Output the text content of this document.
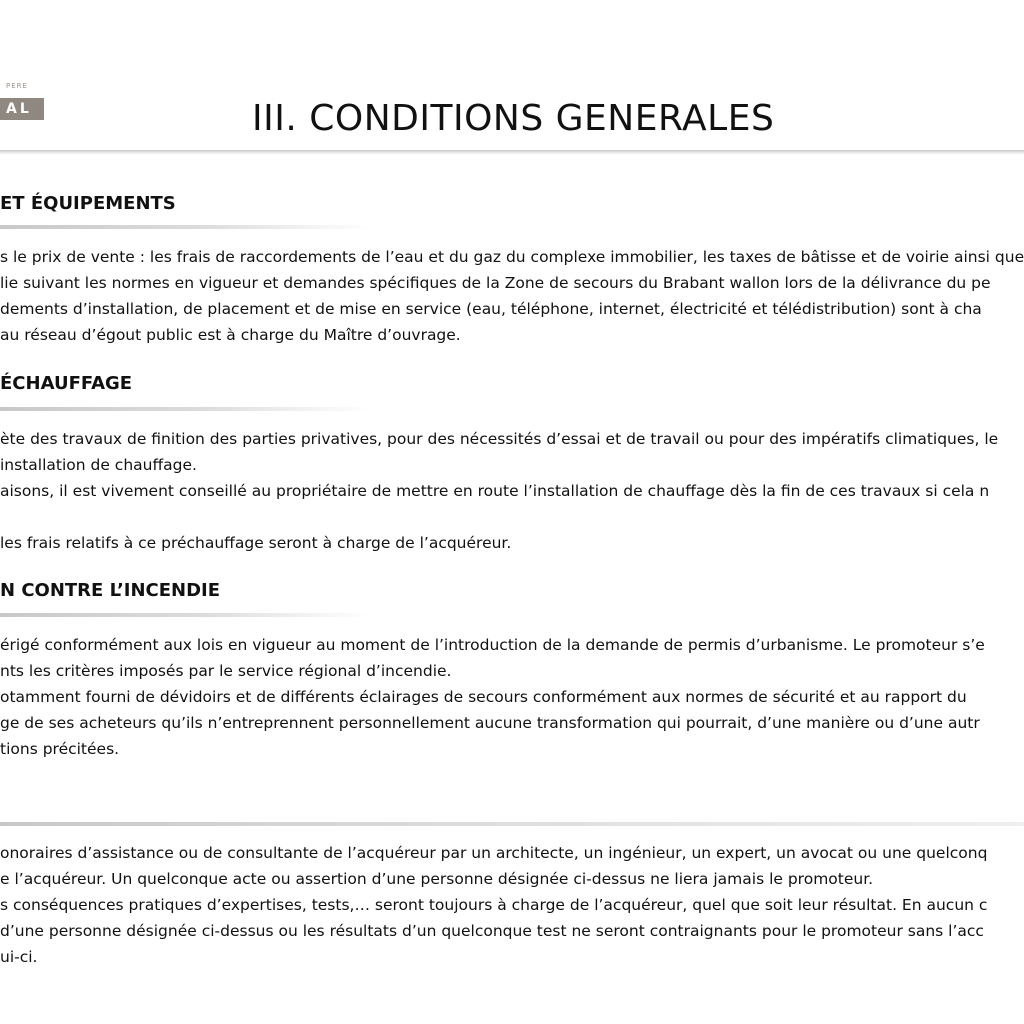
PERE
AL	III. CONDITIONS GENERALES
ET ÉQUIPEMENTS

s le prix de vente : les frais de raccordements de l’eau et du gaz du complexe immobilier, les taxes de bâtisse et de voirie ainsi que

lie suivant les normes en vigueur et demandes spécifiques de la Zone de secours du Brabant wallon lors de la délivrance du pe

dements d’installation, de placement et de mise en service (eau, téléphone, internet, électricité et télédistribution) sont à cha

au réseau d’égout public est à charge du Maître d’ouvrage.

ÉCHAUFFAGE

ète des travaux de finition des parties privatives, pour des nécessités d’essai et de travail ou pour des impératifs climatiques, le

installation de chauffage.

aisons, il est vivement conseillé au propriétaire de mettre en route l’installation de chauffage dès la fin de ces travaux si cela n

les frais relatifs à ce préchauffage seront à charge de l’acquéreur.

N CONTRE L’INCENDIE

érigé conformément aux lois en vigueur au moment de l’introduction de la demande de permis d’urbanisme. Le promoteur s’e

nts les critères imposés par le service régional d’incendie.

otamment fourni de dévidoirs et de différents éclairages de secours conformément aux normes de sécurité et au rapport du

ge de ses acheteurs qu’ils n’entreprennent personnellement aucune transformation qui pourrait, d’une manière ou d’une autr

tions précitées.

onoraires d’assistance ou de consultante de l’acquéreur par un architecte, un ingénieur, un expert, un avocat ou une quelconq

e l’acquéreur. Un quelconque acte ou assertion d’une personne désignée ci-dessus ne liera jamais le promoteur.

s conséquences pratiques d’expertises, tests,… seront toujours à charge de l’acquéreur, quel que soit leur résultat. En aucun c

d’une personne désignée ci-dessus ou les résultats d’un quelconque test ne seront contraignants pour le promoteur sans l’acc

ui-ci.
